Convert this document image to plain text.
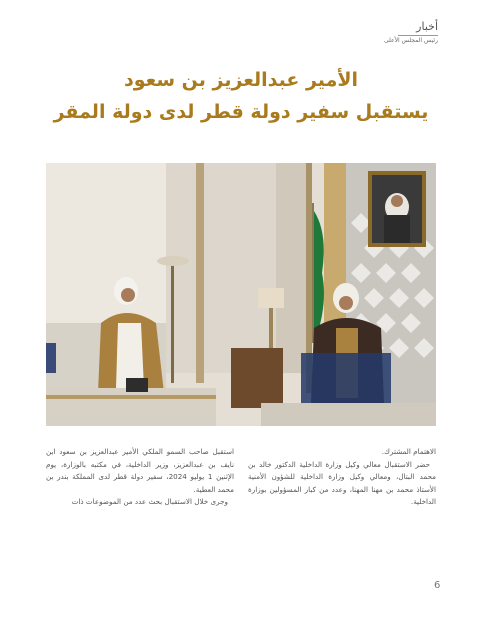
أخبار
رئيس المجلس الأعلى
الأمير عبدالعزيز بن سعود
يستقبل سفير دولة قطر لدى دولة المقر

استقبل صاحب السمو الملكي الأمير عبدالعزيز بن سعود ابن نايف بن عبدالعزيز، وزير الداخلية، في مكتبه بالوزارة، يوم الإثنين 1 يوليو 2024، سفير دولة قطر لدى المملكة بندر بن محمد العطية.

وجرى خلال الاستقبال بحث عدد من الموضوعات ذات

الاهتمام المشترك.

حضر الاستقبال معالي وكيل وزارة الداخلية الدكتور خالد بن محمد البتال، ومعالي وكيل وزارة الداخلية للشؤون الأمنية الأستاذ محمد بن مهنا المهنا، وعدد من كبار المسؤولين بوزارة الداخلية.

6
